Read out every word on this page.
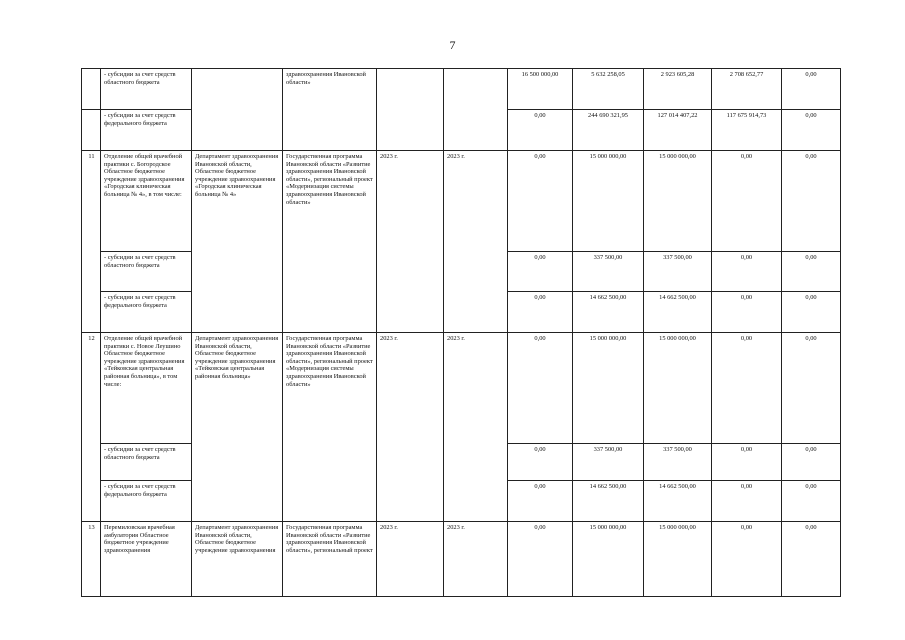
7
	- субсидии за счет средств областного бюджета		здравоохранения Ивановской области»			16 500 000,00	5 632 258,05	2 923 605,28	2 708 652,77	0,00
	- субсидии за счет средств федерального бюджета					0,00	244 690 321,95	127 014 407,22	117 675 914,73	0,00
11	Отделение общей врачебной практики с. Богородское Областное бюджетное учреждение здравоохранения «Городская клиническая больница № 4», в том числе:	Департамент здравоохранения Ивановской области, Областное бюджетное учреждение здравоохранения «Городская клиническая больница № 4»	Государственная программа Ивановской области «Развитие здравоохранения Ивановской области», региональный проект «Модернизация системы здравоохранения Ивановской области»	2023 г.	2023 г.	0,00	15 000 000,00	15 000 000,00	0,00	0,00
	- субсидии за счет средств областного бюджета					0,00	337 500,00	337 500,00	0,00	0,00
	- субсидии за счет средств федерального бюджета					0,00	14 662 500,00	14 662 500,00	0,00	0,00
12	Отделение общей врачебной практики с. Новое Леушино Областное бюджетное учреждение здравоохранения «Тейковская центральная районная больница», в том числе:	Департамент здравоохранения Ивановской области, Областное бюджетное учреждение здравоохранения «Тейковская центральная районная больница»	Государственная программа Ивановской области «Развитие здравоохранения Ивановской области», региональный проект «Модернизация системы здравоохранения Ивановской области»	2023 г.	2023 г.	0,00	15 000 000,00	15 000 000,00	0,00	0,00
	- субсидии за счет средств областного бюджета					0,00	337 500,00	337 500,00	0,00	0,00
	- субсидии за счет средств федерального бюджета					0,00	14 662 500,00	14 662 500,00	0,00	0,00
13	Перемиловская врачебная амбулатория Областное бюджетное учреждение здравоохранения	Департамент здравоохранения Ивановской области, Областное бюджетное учреждение здравоохранения	Государственная программа Ивановской области «Развитие здравоохранения Ивановской области», региональный проект	2023 г.	2023 г.	0,00	15 000 000,00	15 000 000,00	0,00	0,00
